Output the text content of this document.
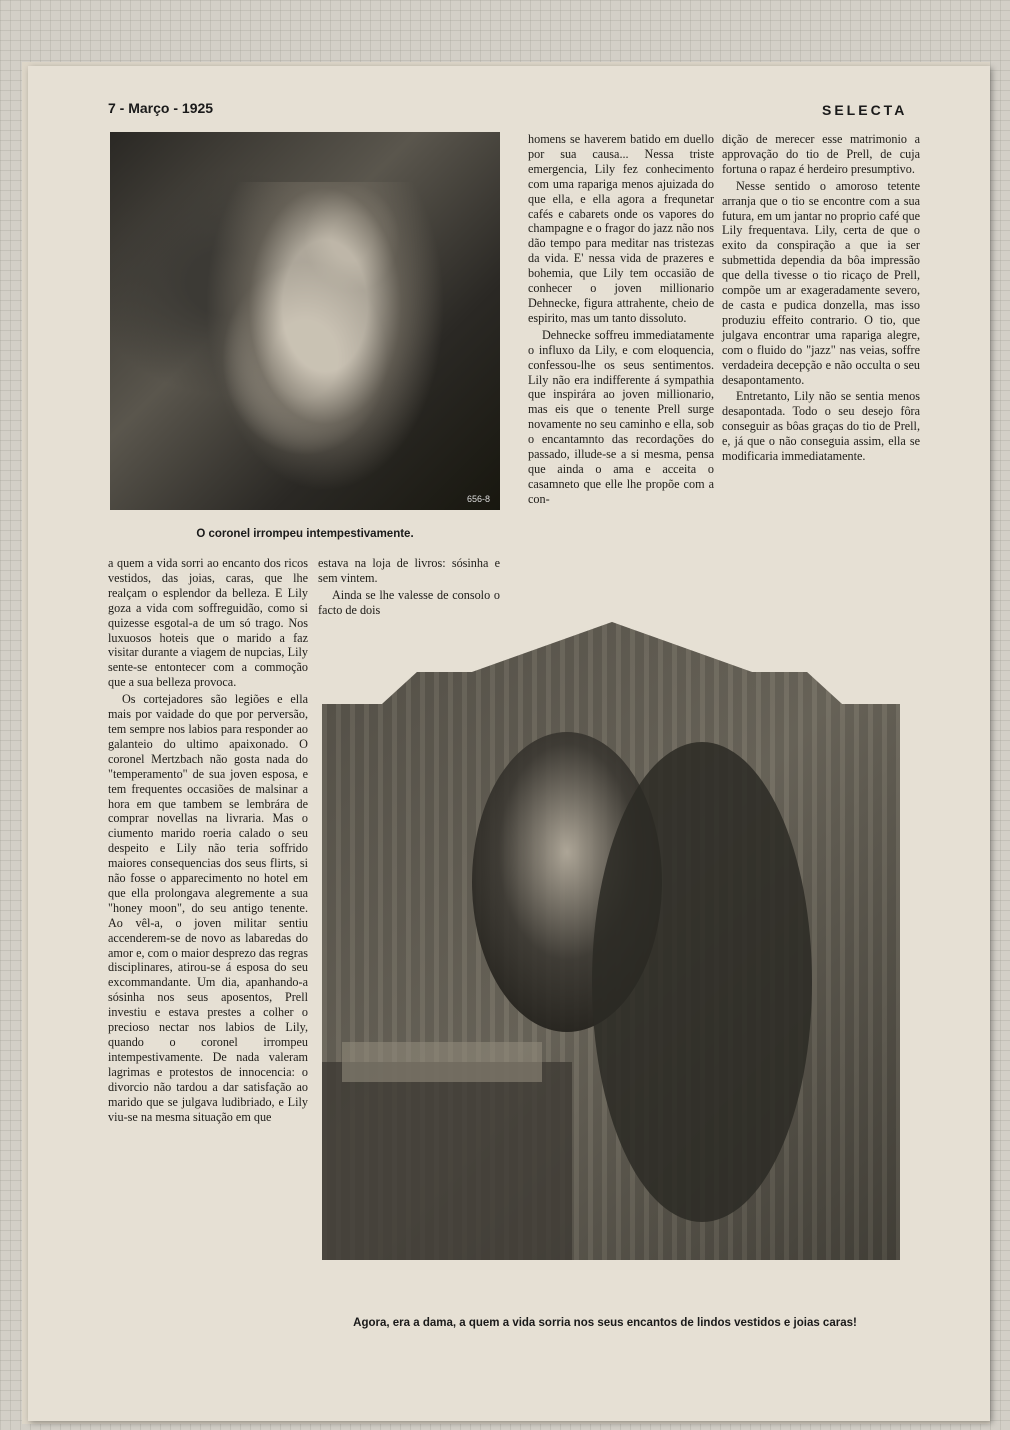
7 - Março - 1925	SELECTA
656-8
O coronel irrompeu intempestivamente.

a quem a vida sorri ao encanto dos ricos vestidos, das joias, caras, que lhe realçam o esplendor da belleza. E Lily goza a vida com soffreguidão, como si quizesse esgotal-a de um só trago. Nos luxuosos hoteis que o marido a faz visitar durante a viagem de nupcias, Lily sente-se entontecer com a commoção que a sua belleza provoca.

Os cortejadores são legiões e ella mais por vaidade do que por perversão, tem sempre nos labios para responder ao galanteio do ultimo apaixonado. O coronel Mertzbach não gosta nada do "temperamento" de sua joven esposa, e tem frequentes occasiões de malsinar a hora em que tambem se lembrára de comprar novellas na livraria. Mas o ciumento marido roeria calado o seu despeito e Lily não teria soffrido maiores consequencias dos seus flirts, si não fosse o apparecimento no hotel em que ella prolongava alegremente a sua "honey moon", do seu antigo tenente. Ao vêl-a, o joven militar sentiu accenderem-se de novo as labaredas do amor e, com o maior desprezo das regras disciplinares, atirou-se á esposa do seu excommandante. Um dia, apanhando-a sósinha nos seus aposentos, Prell investiu e estava prestes a colher o precioso nectar nos labios de Lily, quando o coronel irrompeu intempestivamente. De nada valeram lagrimas e protestos de innocencia: o divorcio não tardou a dar satisfação ao marido que se julgava ludibriado, e Lily viu-se na mesma situação em que

estava na loja de livros: sósinha e sem vintem.

Ainda se lhe valesse de consolo o facto de dois

homens se haverem batido em duello por sua causa... Nessa triste emergencia, Lily fez conhecimento com uma rapariga menos ajuizada do que ella, e ella agora a frequnetar cafés e cabarets onde os vapores do champagne e o fragor do jazz não nos dão tempo para meditar nas tristezas da vida. E' nessa vida de prazeres e bohemia, que Lily tem occasião de conhecer o joven millionario Dehnecke, figura attrahente, cheio de espirito, mas um tanto dissoluto.

Dehnecke soffreu immediatamente o influxo da Lily, e com eloquencia, confessou-lhe os seus sentimentos. Lily não era indifferente á sympathia que inspirára ao joven millionario, mas eis que o tenente Prell surge novamente no seu caminho e ella, sob o encantamnto das recordações do passado, illude-se a si mesma, pensa que ainda o ama e acceita o casamneto que elle lhe propõe com a con-

dição de merecer esse matrimonio a approvação do tio de Prell, de cuja fortuna o rapaz é herdeiro presumptivo.

Nesse sentido o amoroso tetente arranja que o tio se encontre com a sua futura, em um jantar no proprio café que Lily frequentava. Lily, certa de que o exito da conspiração a que ia ser submettida dependia da bôa impressão que della tivesse o tio ricaço de Prell, compõe um ar exageradamente severo, de casta e pudica donzella, mas isso produziu effeito contrario. O tio, que julgava encontrar uma rapariga alegre, com o fluido do "jazz" nas veias, soffre verdadeira decepção e não occulta o seu desapontamento.

Entretanto, Lily não se sentia menos desapontada. Todo o seu desejo fôra conseguir as bôas graças do tio de Prell, e, já que o não conseguia assim, ella se modificaria immediatamente.

Agora, era a dama, a quem a vida sorria nos seus encantos de lindos vestidos e joias caras!
